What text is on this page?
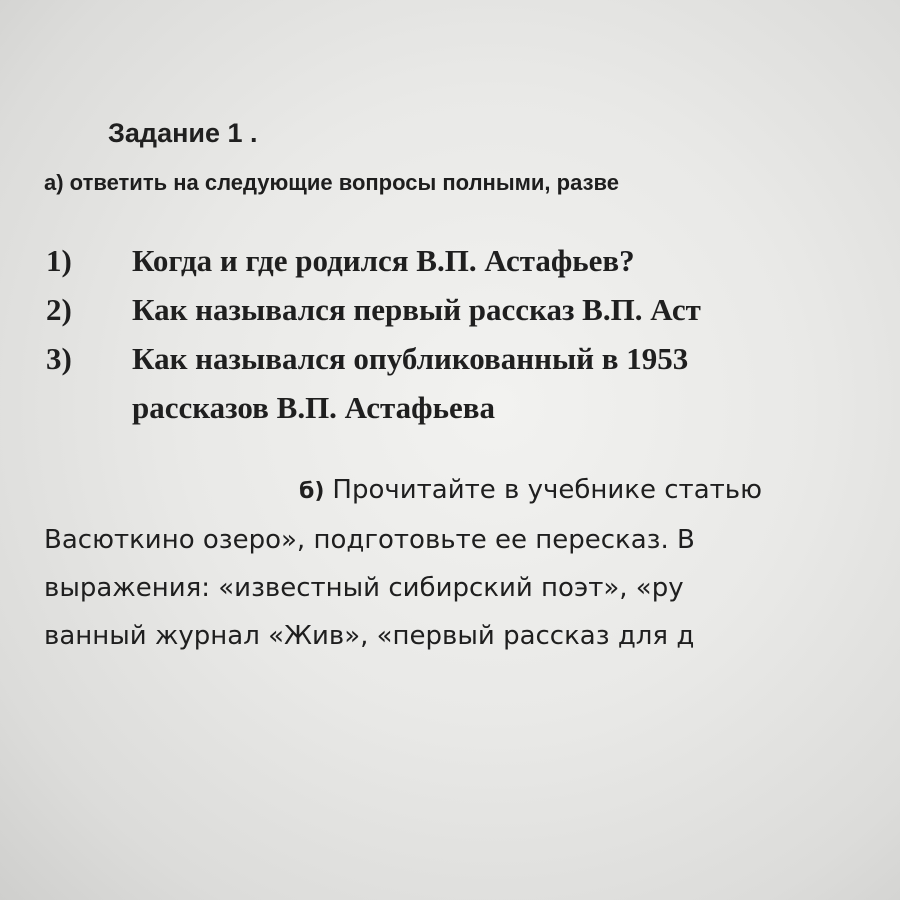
Задание 1 .
а) ответить на следующие вопросы полными, разве
1) Когда и где родился В.П. Астафьев?
2) Как назывался первый рассказ В.П. Аст
3) Как назывался опубликованный в 1953
рассказов В.П. Астафьева
б) Прочитайте в учебнике статью
Васюткино озеро», подготовьте ее пересказ. В
выражения: «известный сибирский поэт», «ру
ванный журнал «Жив», «первый рассказ для д
